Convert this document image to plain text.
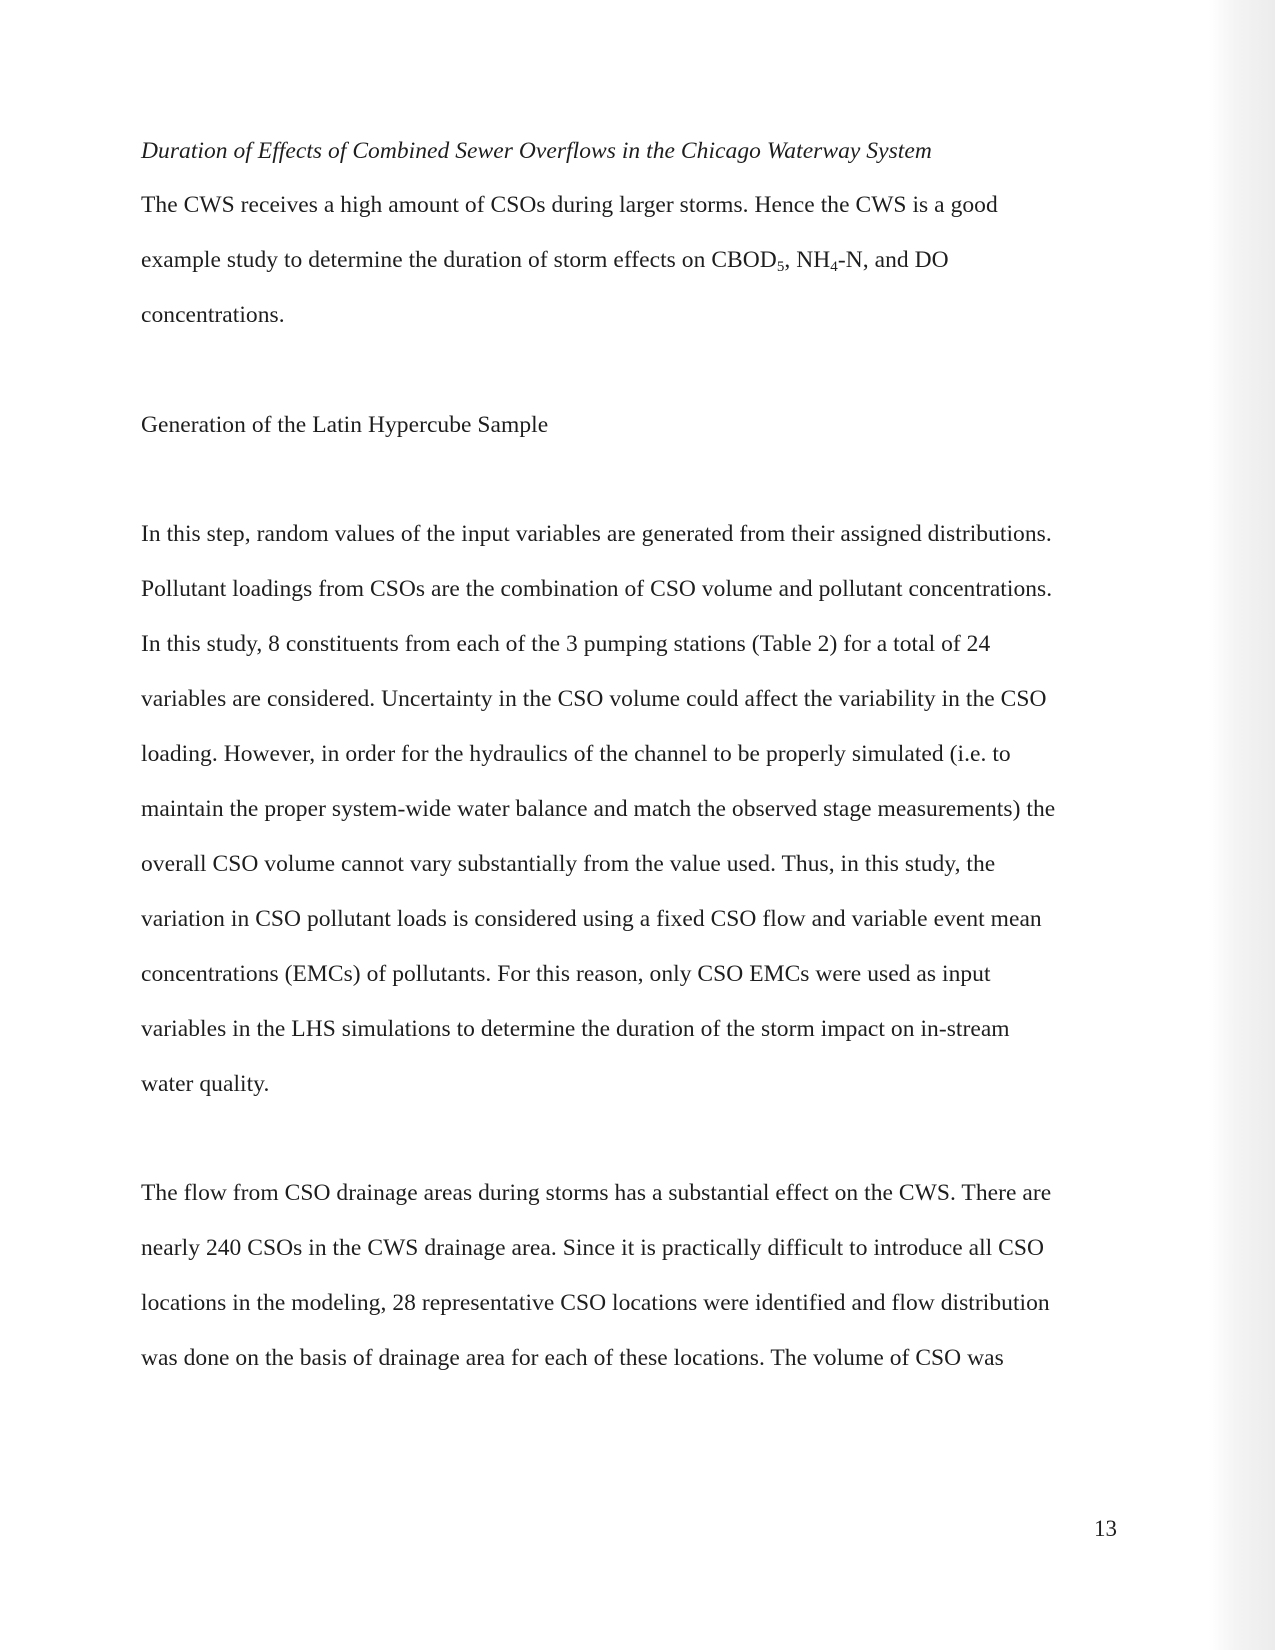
Duration of Effects of Combined Sewer Overflows in the Chicago Waterway System
The CWS receives a high amount of CSOs during larger storms. Hence the CWS is a good
example study to determine the duration of storm effects on $CBOD_5$, $NH_4-N$, and DO
concentrations.
Generation of the Latin Hypercube Sample
In this step, random values of the input variables are generated from their assigned distributions.
Pollutant loadings from CSOs are the combination of CSO volume and pollutant concentrations.
In this study, 8 constituents from each of the 3 pumping stations (Table 2) for a total of 24
variables are considered. Uncertainty in the CSO volume could affect the variability in the CSO
loading. However, in order for the hydraulics of the channel to be properly simulated (i.e. to
maintain the proper system-wide water balance and match the observed stage measurements) the
overall CSO volume cannot vary substantially from the value used. Thus, in this study, the
variation in CSO pollutant loads is considered using a fixed CSO flow and variable event mean
concentrations (EMCs) of pollutants. For this reason, only CSO EMCs were used as input
variables in the LHS simulations to determine the duration of the storm impact on in-stream
water quality.
The flow from CSO drainage areas during storms has a substantial effect on the CWS. There are
nearly 240 CSOs in the CWS drainage area. Since it is practically difficult to introduce all CSO
locations in the modeling, 28 representative CSO locations were identified and flow distribution
was done on the basis of drainage area for each of these locations. The volume of CSO was
13
